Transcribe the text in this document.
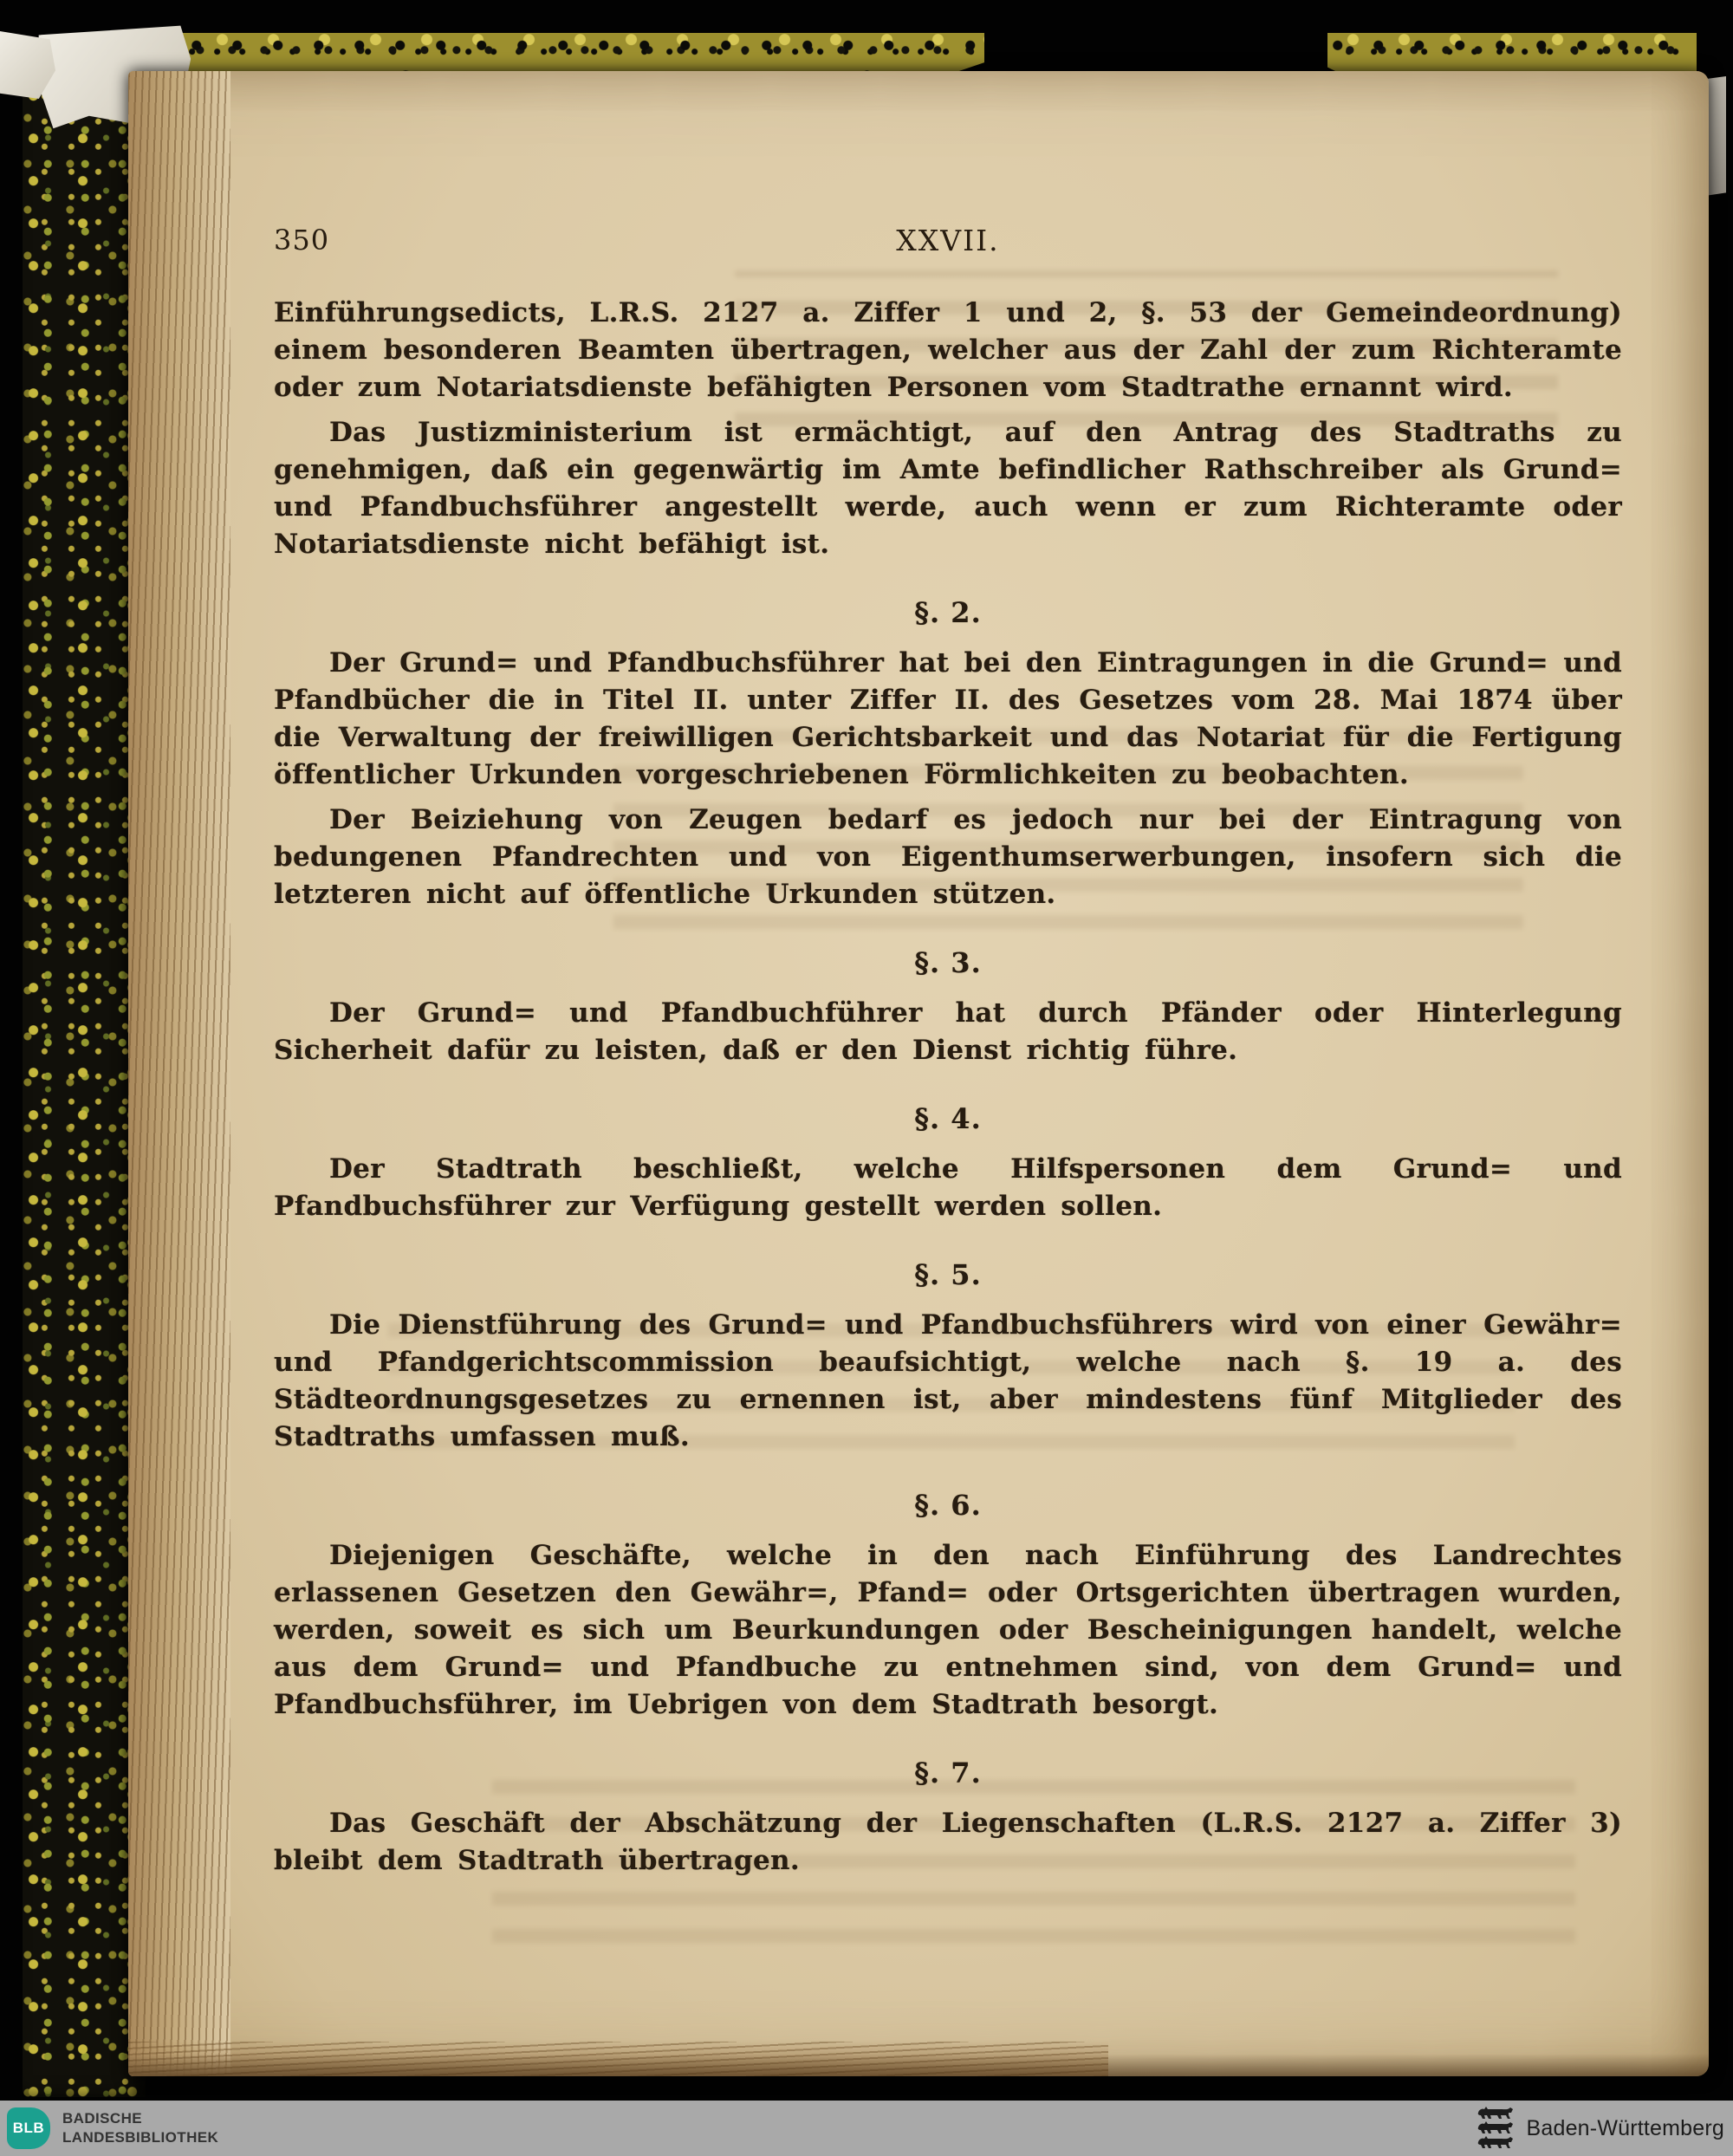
350	XXVII.

Einführungsedicts, L.R.S. 2127 a. Ziffer 1 und 2, §. 53 der Gemeindeordnung) einem besonderen Beamten übertragen, welcher aus der Zahl der zum Richteramte oder zum Notariatsdienste befähigten Personen vom Stadtrathe ernannt wird.

Das Justizministerium ist ermächtigt, auf den Antrag des Stadtraths zu genehmigen, daß ein gegenwärtig im Amte befindlicher Rathschreiber als Grund= und Pfandbuchsführer angestellt werde, auch wenn er zum Richteramte oder Notariatsdienste nicht befähigt ist.

§. 2.

Der Grund= und Pfandbuchsführer hat bei den Eintragungen in die Grund= und Pfandbücher die in Titel II. unter Ziffer II. des Gesetzes vom 28. Mai 1874 über die Verwaltung der freiwilligen Gerichtsbarkeit und das Notariat für die Fertigung öffentlicher Urkunden vorgeschriebenen Förmlichkeiten zu beobachten.

Der Beiziehung von Zeugen bedarf es jedoch nur bei der Eintragung von bedungenen Pfandrechten und von Eigenthumserwerbungen, insofern sich die letzteren nicht auf öffentliche Urkunden stützen.

§. 3.

Der Grund= und Pfandbuchführer hat durch Pfänder oder Hinterlegung Sicherheit dafür zu leisten, daß er den Dienst richtig führe.

§. 4.

Der Stadtrath beschließt, welche Hilfspersonen dem Grund= und Pfandbuchsführer zur Verfügung gestellt werden sollen.

§. 5.

Die Dienstführung des Grund= und Pfandbuchsführers wird von einer Gewähr= und Pfandgerichtscommission beaufsichtigt, welche nach §. 19 a. des Städteordnungsgesetzes zu ernennen ist, aber mindestens fünf Mitglieder des Stadtraths umfassen muß.

§. 6.

Diejenigen Geschäfte, welche in den nach Einführung des Landrechtes erlassenen Gesetzen den Gewähr=, Pfand= oder Ortsgerichten übertragen wurden, werden, soweit es sich um Beurkundungen oder Bescheinigungen handelt, welche aus dem Grund= und Pfandbuche zu entnehmen sind, von dem Grund= und Pfandbuchsführer, im Uebrigen von dem Stadtrath besorgt.

§. 7.

Das Geschäft der Abschätzung der Liegenschaften (L.R.S. 2127 a. Ziffer 3) bleibt dem Stadtrath übertragen.

BLB
BADISCHE
LANDESBIBLIOTHEK	Baden-Württemberg
